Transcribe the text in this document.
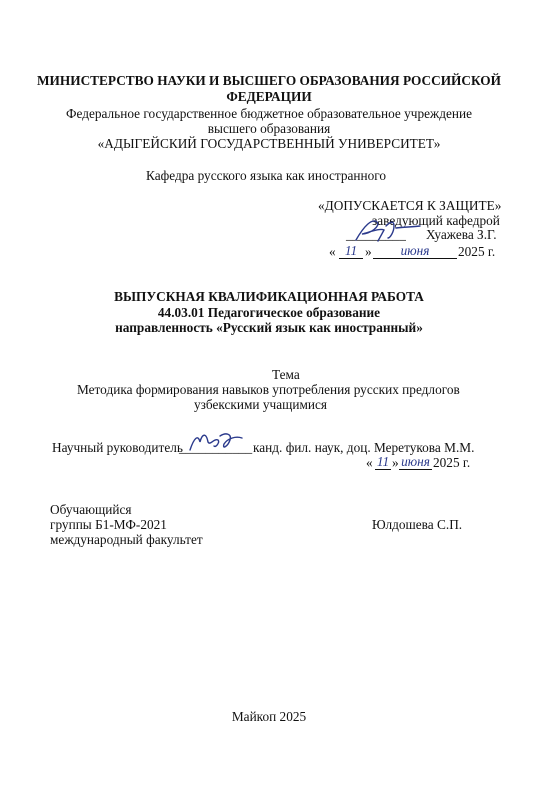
МИНИСТЕРСТВО НАУКИ И ВЫСШЕГО ОБРАЗОВАНИЯ РОССИЙСКОЙ
ФЕДЕРАЦИИ
Федеральное государственное бюджетное образовательное учреждение
высшего образования
«АДЫГЕЙСКИЙ ГОСУДАРСТВЕННЫЙ УНИВЕРСИТЕТ»
Кафедра русского языка как иностранного
«ДОПУСКАЕТСЯ К ЗАЩИТЕ»
заведующий кафедрой
_________ Хуажева З.Г.
« 11 »	июня	2025 г.
ВЫПУСКНАЯ КВАЛИФИКАЦИОННАЯ РАБОТА
44.03.01 Педагогическое образование
направленность «Русский язык как иностранный»
Тема
Методика формирования навыков употребления русских предлогов
узбекскими учащимися
Научный руководитель
___________ канд. фил. наук, доц. Меретукова М.М.
« 11 » июня 2025 г.
Обучающийся
группы Б1-МФ-2021
международный факультет
Юлдошева С.П.
Майкоп 2025
